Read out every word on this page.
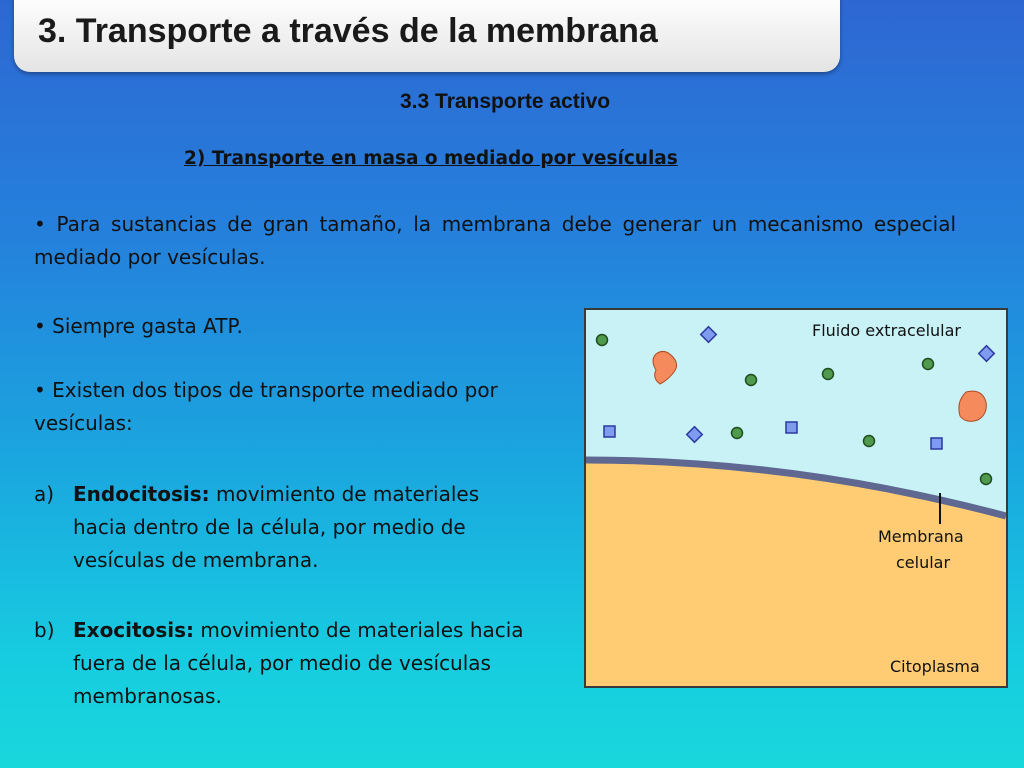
3. Transporte a través de la membrana
3.3 Transporte activo
2) Transporte en masa o mediado por vesículas
• Para sustancias de gran tamaño, la membrana debe generar un mecanismo especial mediado por vesículas.
• Siempre gasta ATP.
• Existen dos tipos de transporte mediado por vesículas:
a) Endocitosis: movimiento de materiales hacia dentro de la célula, por medio de vesículas de membrana.
b) Exocitosis: movimiento de materiales hacia fuera de la célula, por medio de vesículas membranosas.
Fluido extracelular
Membrana
celular
Citoplasma
